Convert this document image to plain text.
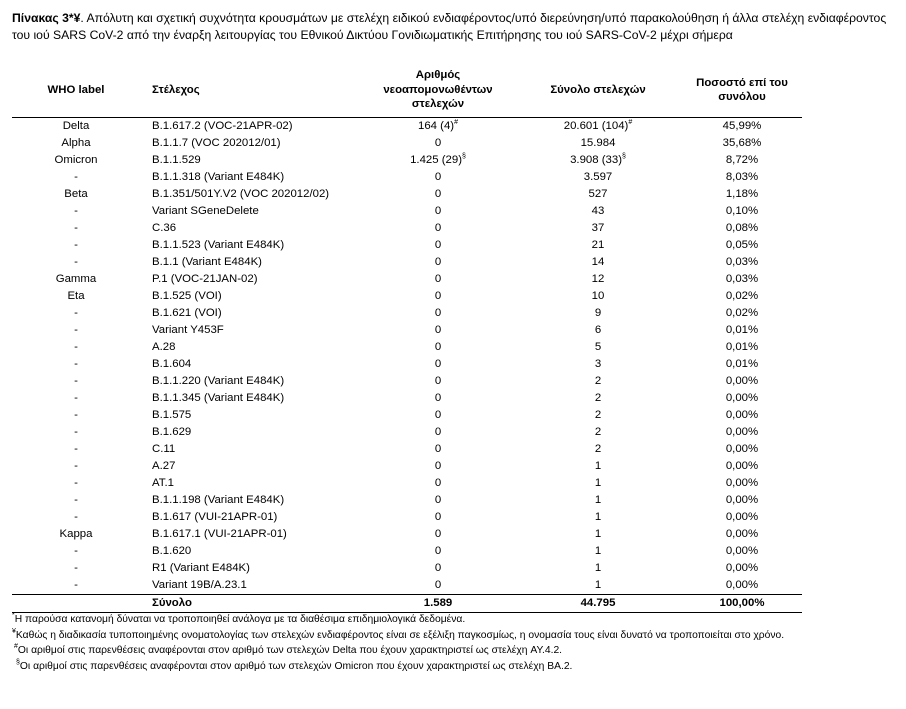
Πίνακας 3*¥. Απόλυτη και σχετική συχνότητα κρουσμάτων με στελέχη ειδικού ενδιαφέροντος/υπό διερεύνηση/υπό παρακολούθηση ή άλλα στελέχη ενδιαφέροντος του ιού SARS CoV-2 από την έναρξη λειτουργίας του Εθνικού Δικτύου Γονιδιωματικής Επιτήρησης του ιού SARS-CoV-2 μέχρι σήμερα
WHO label	Στέλεχος	Αριθμός νεοαπομονωθέντων στελεχών	Σύνολο στελεχών	Ποσοστό επί του συνόλου
Delta	B.1.617.2 (VOC-21APR-02)	164 (4)#	20.601 (104)#	45,99%
Alpha	B.1.1.7 (VOC 202012/01)	0	15.984	35,68%
Omicron	B.1.1.529	1.425 (29)§	3.908 (33)§	8,72%
-	B.1.1.318 (Variant E484K)	0	3.597	8,03%
Beta	B.1.351/501Y.V2 (VOC 202012/02)	0	527	1,18%
-	Variant SGeneDelete	0	43	0,10%
-	C.36	0	37	0,08%
-	B.1.1.523 (Variant E484K)	0	21	0,05%
-	B.1.1 (Variant E484K)	0	14	0,03%
Gamma	P.1 (VOC-21JAN-02)	0	12	0,03%
Eta	B.1.525 (VOI)	0	10	0,02%
-	B.1.621 (VOI)	0	9	0,02%
-	Variant Y453F	0	6	0,01%
-	A.28	0	5	0,01%
-	B.1.604	0	3	0,01%
-	B.1.1.220 (Variant E484K)	0	2	0,00%
-	B.1.1.345 (Variant E484K)	0	2	0,00%
-	B.1.575	0	2	0,00%
-	B.1.629	0	2	0,00%
-	C.11	0	2	0,00%
-	A.27	0	1	0,00%
-	AT.1	0	1	0,00%
-	B.1.1.198 (Variant E484K)	0	1	0,00%
-	B.1.617 (VUI-21APR-01)	0	1	0,00%
Kappa	B.1.617.1 (VUI-21APR-01)	0	1	0,00%
-	B.1.620	0	1	0,00%
-	R1 (Variant E484K)	0	1	0,00%
-	Variant 19B/A.23.1	0	1	0,00%
	Σύνολο	1.589	44.795	100,00%
*Η παρούσα κατανομή δύναται να τροποποιηθεί ανάλογα με τα διαθέσιμα επιδημιολογικά δεδομένα.
¥Καθώς η διαδικασία τυποποιημένης ονοματολογίας των στελεχών ενδιαφέροντος είναι σε εξέλιξη παγκοσμίως, η ονομασία τους είναι δυνατό να τροποποιείται στο χρόνο.
#Οι αριθμοί στις παρενθέσεις αναφέρονται στον αριθμό των στελεχών Delta που έχουν χαρακτηριστεί ως στελέχη AY.4.2.
§Οι αριθμοί στις παρενθέσεις αναφέρονται στον αριθμό των στελεχών Omicron που έχουν χαρακτηριστεί ως στελέχη BA.2.
